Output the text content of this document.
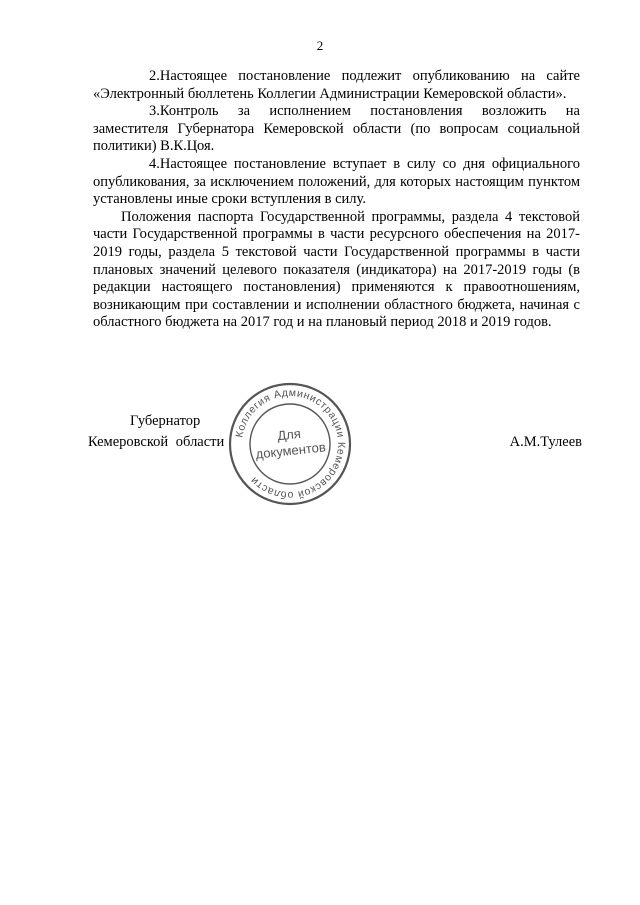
2

2.Настоящее постановление подлежит опубликованию на сайте «Электронный бюллетень Коллегии Администрации Кемеровской области».

3.Контроль за исполнением постановления возложить на заместителя Губернатора Кемеровской области (по вопросам социальной политики) В.К.Цоя.

4.Настоящее постановление вступает в силу со дня официального опубликования, за исключением положений, для которых настоящим пунктом установлены иные сроки вступления в силу.

Положения паспорта Государственной программы, раздела 4 текстовой части Государственной программы в части ресурсного обеспечения на 2017-2019 годы, раздела 5 текстовой части Государственной программы в части плановых значений целевого показателя (индикатора) на 2017-2019 годы (в редакции настоящего постановления) применяются к правоотношениям, возникающим при составлении и исполнении областного бюджета, начиная с областного бюджета на 2017 год и на плановый период 2018 и 2019 годов.

Губернатор
Кемеровской области	А.М.Тулеев
Коллегия Администрации Кемеровской области
Для
документов
